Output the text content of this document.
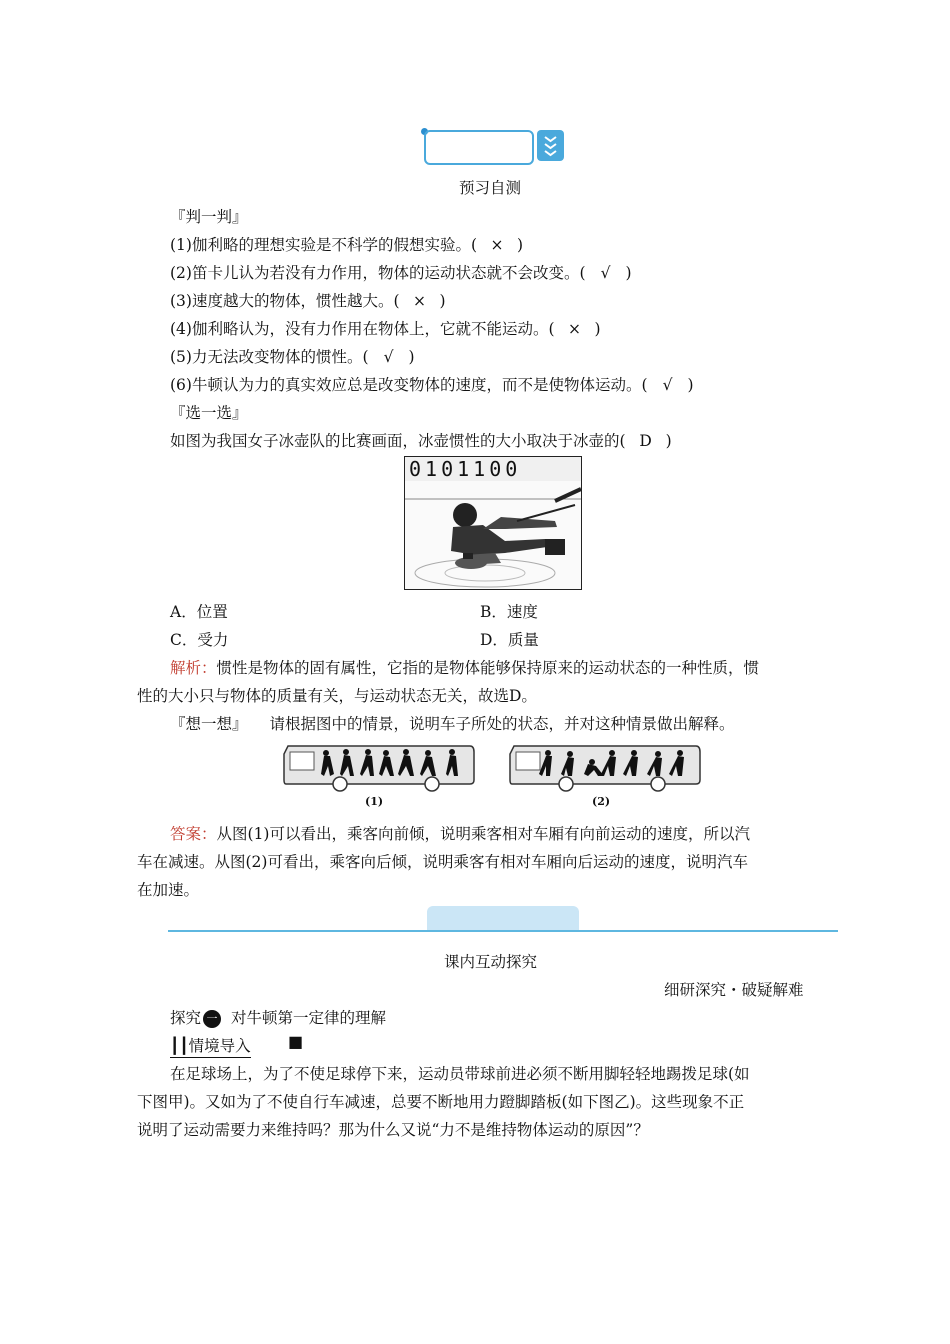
预习自测
『判一判』
(1)伽利略的理想实验是不科学的假想实验。( × )
(2)笛卡儿认为若没有力作用，物体的运动状态就不会改变。( √ )
(3)速度越大的物体，惯性越大。( × )
(4)伽利略认为，没有力作用在物体上，它就不能运动。( × )
(5)力无法改变物体的惯性。( √ )
(6)牛顿认为力的真实效应总是改变物体的速度，而不是使物体运动。( √ )
『选一选』
如图为我国女子冰壶队的比赛画面，冰壶惯性的大小取决于冰壶的( D )
0101100
A．位置	B．速度
C．受力	D．质量
解析：惯性是物体的固有属性，它指的是物体能够保持原来的运动状态的一种性质，惯
性的大小只与物体的质量有关，与运动状态无关，故选D。
『想一想』 请根据图中的情景，说明车子所处的状态，并对这种情景做出解释。
(1)	(2)
答案：从图(1)可以看出，乘客向前倾，说明乘客相对车厢有向前运动的速度，所以汽
车在减速。从图(2)可看出，乘客向后倾，说明乘客有相对车厢向后运动的速度，说明汽车
在加速。
课内互动探究
细研深究・破疑解难
探究 一 对牛顿第一定律的理解
┃┃情境导入 ■
在足球场上，为了不使足球停下来，运动员带球前进必须不断用脚轻轻地踢拨足球(如
下图甲)。又如为了不使自行车减速，总要不断地用力蹬脚踏板(如下图乙)。这些现象不正
说明了运动需要力来维持吗？那为什么又说“力不是维持物体运动的原因”？
